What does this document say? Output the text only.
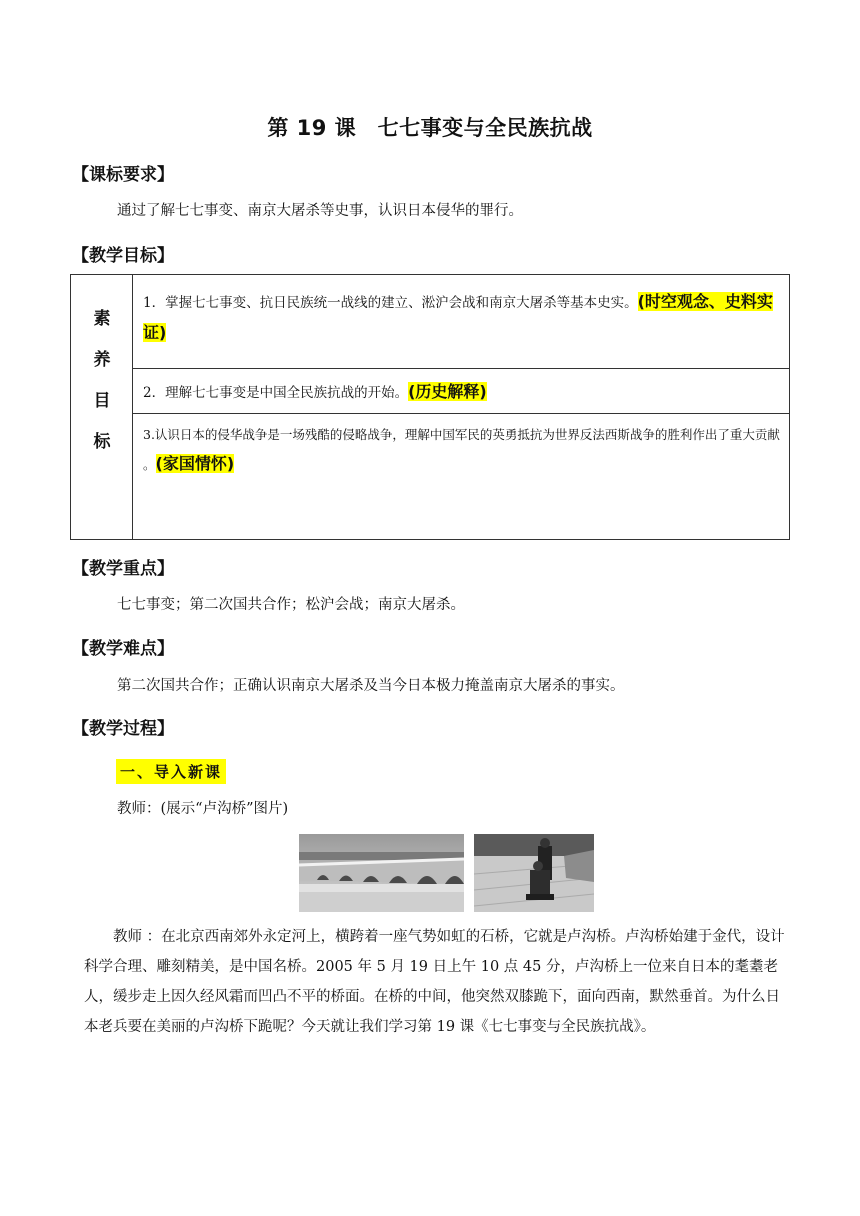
第 19 课　七七事变与全民族抗战
【课标要求】
通过了解七七事变、南京大屠杀等史事，认识日本侵华的罪行。
【教学目标】
素
养
目
标
1．掌握七七事变、抗日民族统一战线的建立、淞沪会战和南京大屠杀等基本史实。(时空观念、史料实证)
2．理解七七事变是中国全民族抗战的开始。(历史解释)
3.认识日本的侵华战争是一场残酷的侵略战争，理解中国军民的英勇抵抗为世界反法西斯战争的胜利作出了重大贡献 。(家国情怀)
【教学重点】
七七事变；第二次国共合作；松沪会战；南京大屠杀。
【教学难点】
第二次国共合作；正确认识南京大屠杀及当今日本极力掩盖南京大屠杀的事实。
【教学过程】
一、导入新课
教师：(展示“卢沟桥”图片)
教师 ：在北京西南郊外永定河上，横跨着一座气势如虹的石桥，它就是卢沟桥。卢沟桥始建于金代，设计科学合理、雕刻精美，是中国名桥。2005 年 5 月 19 日上午 10 点 45 分，卢沟桥上一位来自日本的耄耋老人，缓步走上因久经风霜而凹凸不平的桥面。在桥的中间，他突然双膝跪下，面向西南，默然垂首。为什么日本老兵要在美丽的卢沟桥下跪呢？今天就让我们学习第 19 课《七七事变与全民族抗战》。
